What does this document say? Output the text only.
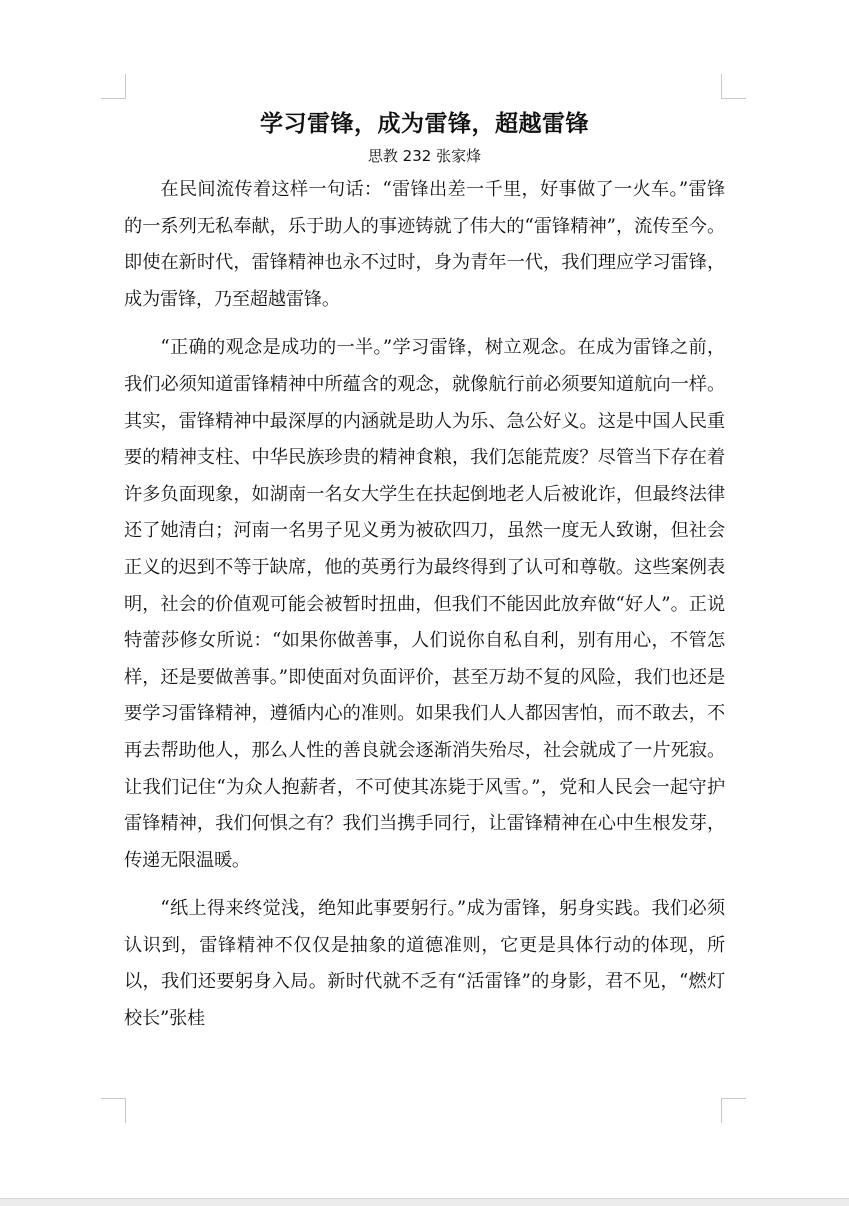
学习雷锋，成为雷锋，超越雷锋
思教 232 张家烽

在民间流传着这样一句话：“雷锋出差一千里，好事做了一火车。”雷锋的一系列无私奉献，乐于助人的事迹铸就了伟大的“雷锋精神”，流传至今。即使在新时代，雷锋精神也永不过时，身为青年一代，我们理应学习雷锋，成为雷锋，乃至超越雷锋。

“正确的观念是成功的一半。”学习雷锋，树立观念。在成为雷锋之前，我们必须知道雷锋精神中所蕴含的观念，就像航行前必须要知道航向一样。其实，雷锋精神中最深厚的内涵就是助人为乐、急公好义。这是中国人民重要的精神支柱、中华民族珍贵的精神食粮，我们怎能荒废？尽管当下存在着许多负面现象，如湖南一名女大学生在扶起倒地老人后被讹诈，但最终法律还了她清白；河南一名男子见义勇为被砍四刀，虽然一度无人致谢，但社会正义的迟到不等于缺席，他的英勇行为最终得到了认可和尊敬。这些案例表明，社会的价值观可能会被暂时扭曲，但我们不能因此放弃做“好人”。正说特蕾莎修女所说：“如果你做善事，人们说你自私自利，别有用心，不管怎样，还是要做善事。”即使面对负面评价，甚至万劫不复的风险，我们也还是要学习雷锋精神，遵循内心的准则。如果我们人人都因害怕，而不敢去，不再去帮助他人，那么人性的善良就会逐渐消失殆尽，社会就成了一片死寂。让我们记住“为众人抱薪者，不可使其冻毙于风雪。”，党和人民会一起守护雷锋精神，我们何惧之有？我们当携手同行，让雷锋精神在心中生根发芽，传递无限温暖。

“纸上得来终觉浅，绝知此事要躬行。”成为雷锋，躬身实践。我们必须认识到，雷锋精神不仅仅是抽象的道德准则，它更是具体行动的体现，所以，我们还要躬身入局。新时代就不乏有“活雷锋”的身影，君不见，“燃灯校长”张桂
